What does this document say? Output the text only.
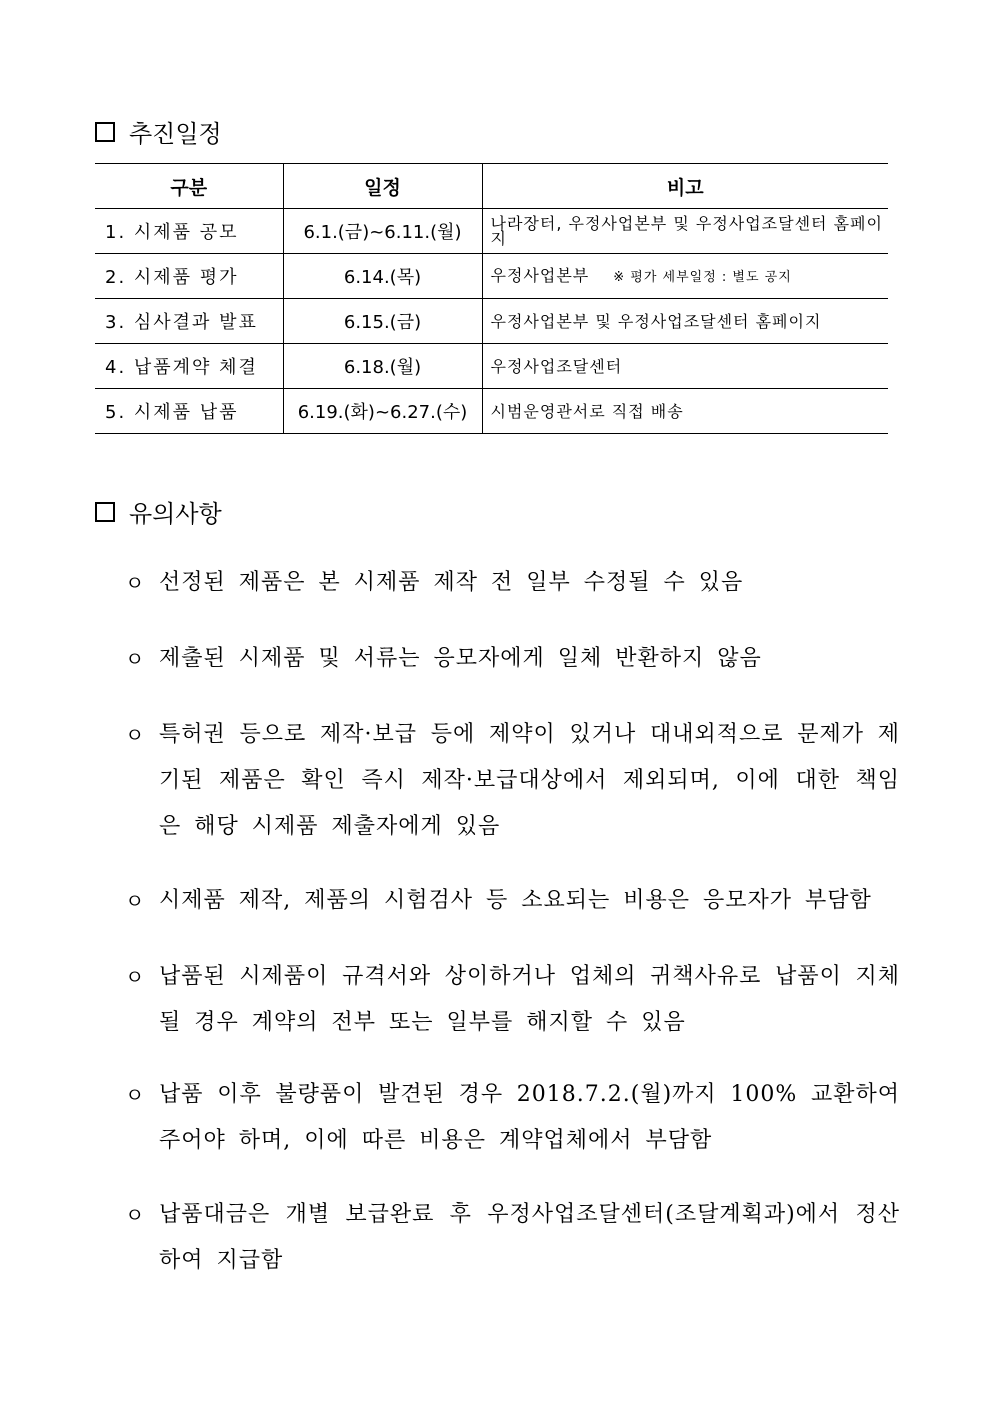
추진일정
구분	일정	비고
1. 시제품 공모	6.1.(금)~6.11.(월)	나라장터, 우정사업본부 및 우정사업조달센터 홈페이지
2. 시제품 평가	6.14.(목)	우정사업본부 ※ 평가 세부일정 : 별도 공지
3. 심사결과 발표	6.15.(금)	우정사업본부 및 우정사업조달센터 홈페이지
4. 납품계약 체결	6.18.(월)	우정사업조달센터
5. 시제품 납품	6.19.(화)~6.27.(수)	시범운영관서로 직접 배송
유의사항
ㅇ 선정된 제품은 본 시제품 제작 전 일부 수정될 수 있음
ㅇ 제출된 시제품 및 서류는 응모자에게 일체 반환하지 않음
ㅇ 특허권 등으로 제작·보급 등에 제약이 있거나 대내외적으로 문제가 제기된 제품은 확인 즉시 제작·보급대상에서 제외되며, 이에 대한 책임은 해당 시제품 제출자에게 있음
ㅇ 시제품 제작, 제품의 시험검사 등 소요되는 비용은 응모자가 부담함
ㅇ 납품된 시제품이 규격서와 상이하거나 업체의 귀책사유로 납품이 지체될 경우 계약의 전부 또는 일부를 해지할 수 있음
ㅇ 납품 이후 불량품이 발견된 경우 2018.7.2.(월)까지 100% 교환하여 주어야 하며, 이에 따른 비용은 계약업체에서 부담함
ㅇ 납품대금은 개별 보급완료 후 우정사업조달센터(조달계획과)에서 정산하여 지급함
